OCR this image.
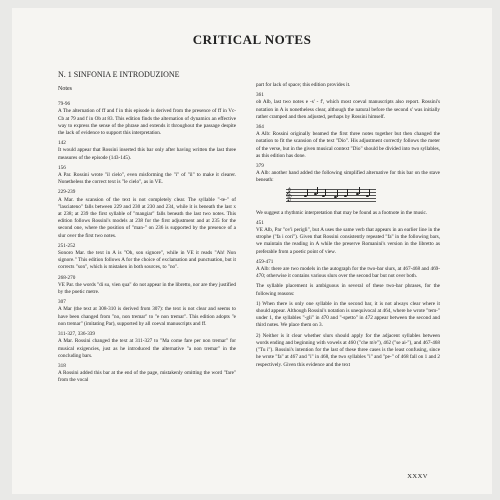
CRITICAL NOTES
N. 1 SINFONIA E INTRODUZIONE
Notes
79-96
A The alternation of ff and f in this episode is derived from the presence of ff in Vc-Cb at 79 and f in Ob at 83. This edition finds the alternation of dynamics an effective way to express the sense of the phrase and extends it throughout the passage despite the lack of evidence to support this interpretation.
142
It would appear that Rossini inserted this bar only after having written the last three measures of the episode (143-145).
156
A Par. Rossini wrote "il cielo", even misforming the "i" of "il" to make it clearer. Nonetheless the correct text is "le cielo", as in VE.
229-239
A Mar. the scansion of the text is not completely clear. The syllable "-te-" of "lasciateno" falls between 229 and 230 at 230 and 234, while it is beneath the last x at 238; at 239 the first syllable of "mangiar" falls beneath the last two notes. This edition follows Rossini's models at 238 for the first adjustment and at 235 for the second one, where the position of "man-" on 236 is supported by the presence of a slur over the first two notes.
251-252
Sonoro Mar. the text in A is "Oh, son signore", while in VE it reads "Ah! Non signore." This edition follows A for the choice of exclamation and punctuation, but it corrects "son", which is mistaken in both sources, to "no".
268-270
VE Par. the words "di su, vien qua" do not appear in the libretto, nor are they justified by the poetic metre.
307
A Mar (the text at 308-310 is derived from 307): the text is not clear and seems to have been changed from "no, non tremar" to "e non tremar". This edition adopts "e non tremar" (imitating Par), supported by all coeval manuscripts and ff.
311-327, 336-339
A Mar. Rossini changed the text at 311-327 to "Ma come fare per non tremar" for musical exigencies, just as he introduced the alternative "a non tremar" in the concluding bars.
318
A Rossini added this bar at the end of the page, mistakenly omitting the word "fare" from the vocal
part for lack of space; this edition provides it.
361
ob Alb, last two notes e -s' - f', which most coeval manuscripts also report. Rossini's notation in A is nonetheless clear, although the natural before the second s' was initially rather cramped and then adjusted, perhaps by Rossini himself.
364
A Alb: Rossini originally beamed the first three notes together but then changed the notation to fit the scansion of the text "Dio". His adjustment correctly follows the meter of the verse, but in the given musical context "Dio" should be divided into two syllables, as this edition has done.
379
A Alb: another hand added the following simplified alternative for this bar on the stave beneath:
𝄞
We suggest a rhythmic interpretation that may be found as a footnote in the music.
451
VE Alb, Par "ov'i perigli", but A uses the same verb that appears in an earlier line in the strophe ("fa i cori"). Given that Rossini consistently repeated "fa" in the following bars, we maintain the reading in A while the preserve Romanini's version in the libretto as preferable from a poetic point of view.
459-471
A Alb: there are two models in the autograph for the two-bar slurs, at 467-468 and 469-470; otherwise it contains various slurs over the second bar but not over both.
The syllable placement is ambiguous in several of these two-bar phrases, for the following reasons:
1) When there is only one syllable in the second bar, it is not always clear where it should appear. Although Rossini's notation is unequivocal at 464, where he wrote "tem-" under 1, the syllables "-gli" in 470 and "-spetto" in 472 appear between the second and third notes. We place them on 3.
2) Neither is it clear whether slurs should apply for the adjacent syllables between words ending and beginning with vowels at 460 ("che m'e"), 462 ("se ai-"), and 467-468 ("Tu i"). Rossini's intention for the last of these three cases is the least confusing, since he wrote "fa" at 467 and "i" in 468, the two syllables "i" and "pe-" of 468 fall on 1 and 2 respectively. Given this evidence and the text
XXXV
